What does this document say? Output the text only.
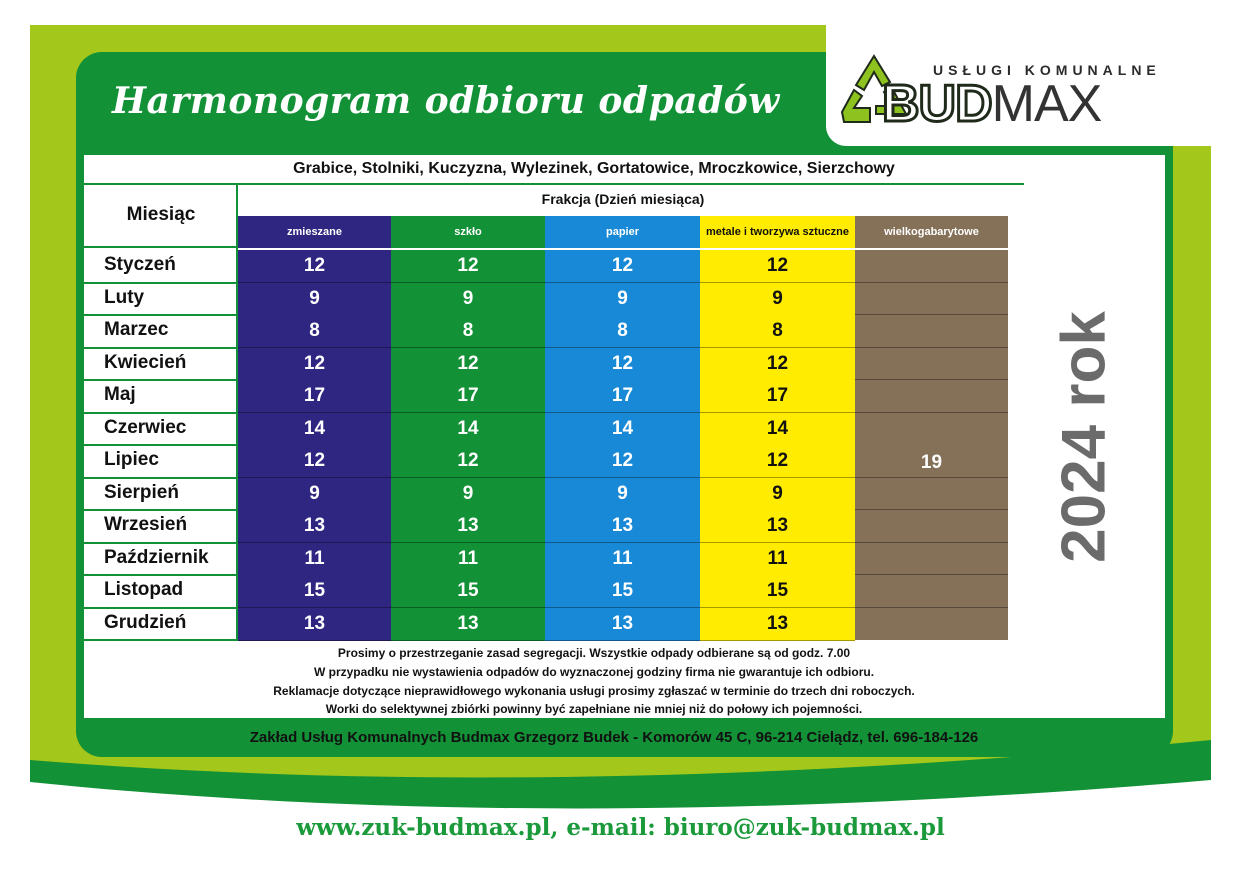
Harmonogram odbioru odpadów
USŁUGI KOMUNALNE
BUDMAX
Grabice, Stolniki, Kuczyzna, Wylezinek, Gortatowice, Mroczkowice, Sierzchowy
Miesiąc
Frakcja (Dzień miesiąca)
zmieszane	szkło	papier	metale i tworzywa sztuczne	wielkogabarytowe
Prosimy o przestrzeganie zasad segregacji. Wszystkie odpady odbierane są od godz. 7.00
W przypadku nie wystawienia odpadów do wyznaczonej godziny firma nie gwarantuje ich odbioru.
Reklamacje dotyczące nieprawidłowego wykonania usługi prosimy zgłaszać w terminie do trzech dni roboczych.
Worki do selektywnej zbiórki powinny być zapełniane nie mniej niż do połowy ich pojemności.
Zakład Usług Komunalnych Budmax Grzegorz Budek - Komorów 45 C, 96-214 Cielądz, tel. 696-184-126
www.zuk-budmax.pl, e-mail: biuro@zuk-budmax.pl
Styczeń	12	12	12	12
Luty	9	9	9	9
Marzec	8	8	8	8
Kwiecień	12	12	12	12
Maj	17	17	17	17
Czerwiec	14	14	14	14
Lipiec	12	12	12	12
Sierpień	9	9	9	9
Wrzesień	13	13	13	13
Październik	11	11	11	11
Listopad	15	15	15	15
Grudzień	13	13	13	13
19	2024 rok
